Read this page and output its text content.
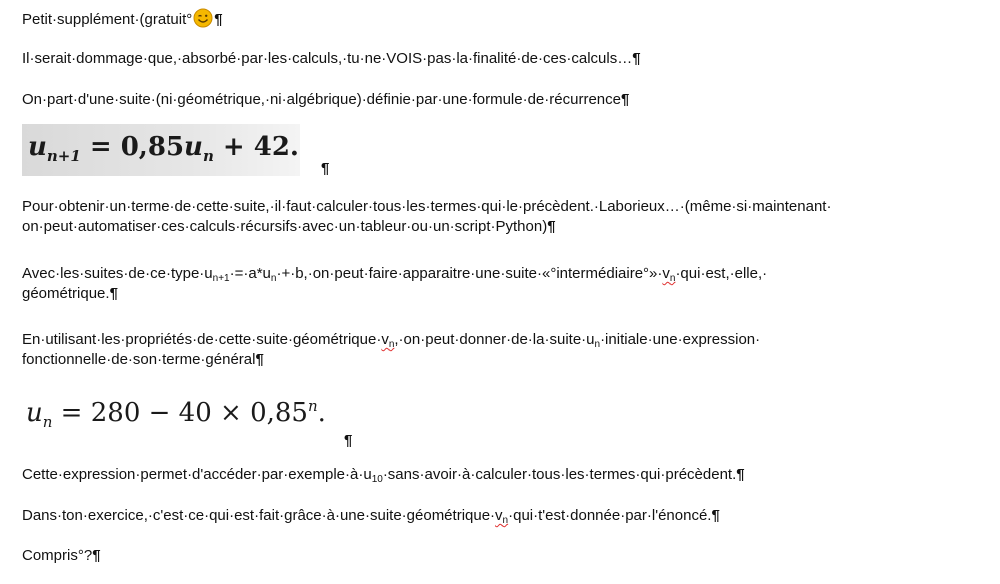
Petit·supplément·(gratuit° ¶
Il·serait·dommage·que,·absorbé·par·les·calculs,·tu·ne·VOIS·pas·la·finalité·de·ces·calculs…¶
On·part·d'une·suite·(ni·géométrique,·ni·algébrique)·définie·par·une·formule·de·récurrence¶
$u_{n+1} = 0,85u_n + 42$.
¶
Pour·obtenir·un·terme·de·cette·suite,·il·faut·calculer·tous·les·termes·qui·le·précèdent.·Laborieux…·(même·si·maintenant·
on·peut·automatiser·ces·calculs·récursifs·avec·un·tableur·ou·un·script·Python)¶
$Avec\cdot les\cdot suites\cdot de\cdot ce\cdot type\cdot u_{n+1}\cdot=\cdot a*u_n\cdot+\cdot b,\cdot on\cdot peut\cdot faire\cdot apparaitre\cdot une\cdot suite\cdot«^\circ intermédiaire^\circ»\cdot v_n\cdot qui\cdot est,\cdot elle,\cdot$
géométrique.¶
$En\cdot utilisant\cdot les\cdot propriétés\cdot de\cdot cette\cdot suite\cdot géométrique\cdot v_n,\cdot on\cdot peut\cdot donner\cdot de\cdot la\cdot suite\cdot u_n\cdot initiale\cdot une\cdot expression\cdot$
fonctionnelle·de·son·terme·général¶
$u_n = 280 - 40 \times 0,85^n$.
¶
$Cette\cdot expression\cdot permet\cdot d'accéder\cdot par\cdot exemple\cdot à\cdot u_{10}\cdot sans\cdot avoir\cdot à\cdot calculer\cdot tous\cdot les\cdot termes\cdot qui\cdot précèdent.\P$
$Dans\cdot ton\cdot exercice,\cdot c'est\cdot ce\cdot qui\cdot est\cdot fait\cdot grâce\cdot à\cdot une\cdot suite\cdot géométrique\cdot v_n\cdot qui\cdot t'est\cdot donnée\cdot par\cdot l'énoncé.\P$
Compris°?¶
